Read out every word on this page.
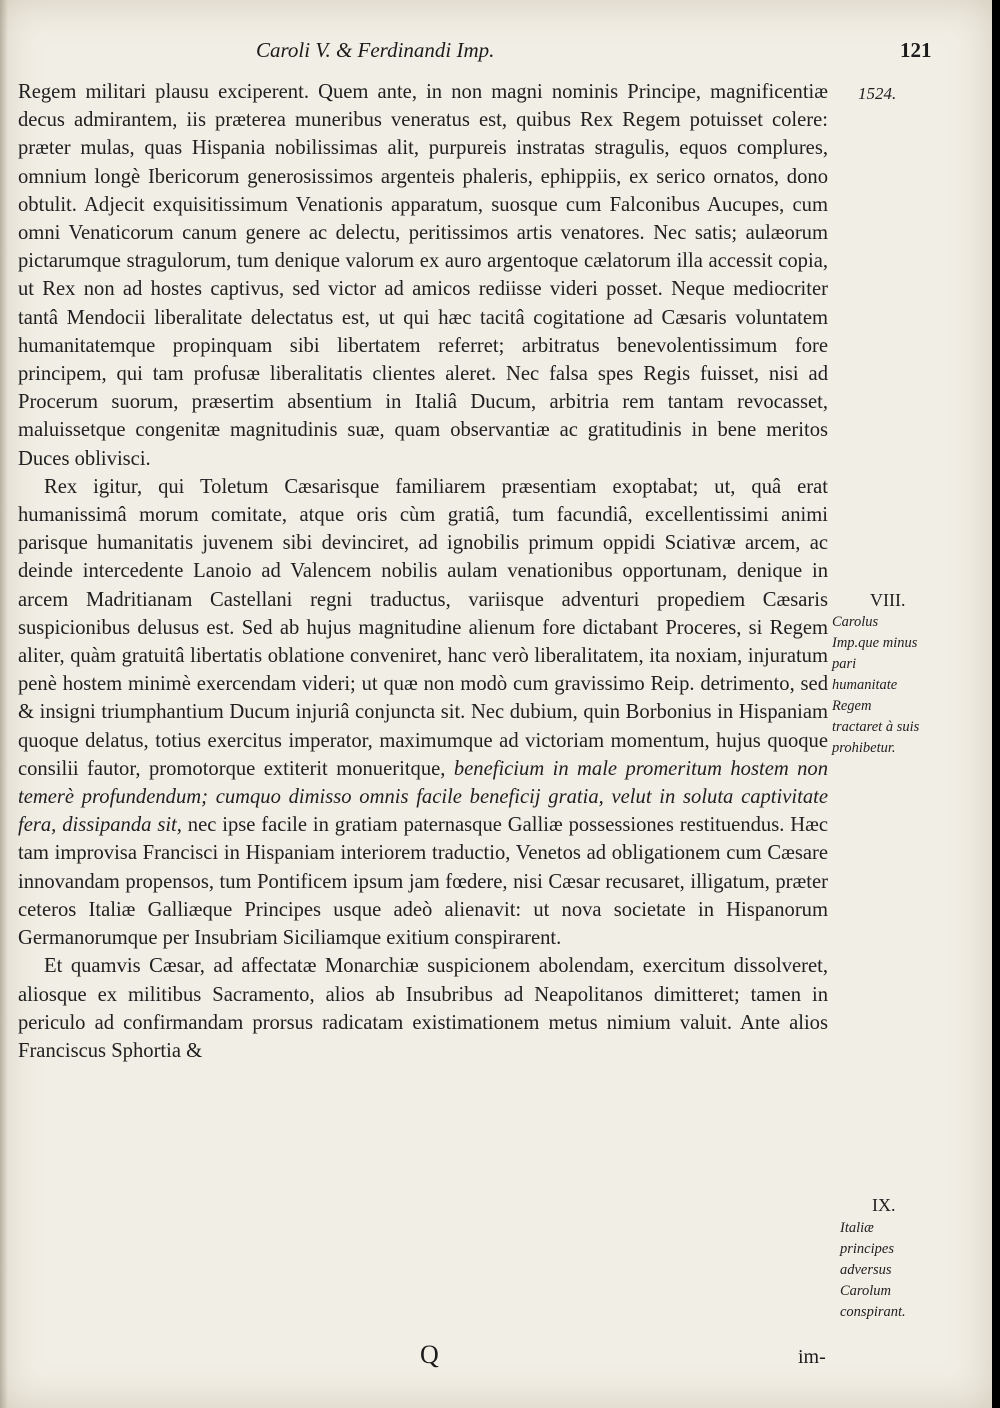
Caroli V. & Ferdinandi Imp.	121

Regem militari plausu exciperent. Quem ante, in non magni nominis Principe, magnificentiæ decus admirantem, iis præterea muneribus veneratus est, quibus Rex Regem potuisset colere: præter mulas, quas Hispania nobilissimas alit, purpureis instratas stragulis, equos complures, omnium longè Ibericorum generosissimos argenteis phaleris, ephippiis, ex serico ornatos, dono obtulit. Adjecit exquisitissimum Venationis apparatum, suosque cum Falconibus Aucupes, cum omni Venaticorum canum genere ac delectu, peritissimos artis venatores. Nec satis; aulæorum pictarumque stragulorum, tum denique valorum ex auro argentoque cælatorum illa accessit copia, ut Rex non ad hostes captivus, sed victor ad amicos rediisse videri posset. Neque mediocriter tantâ Mendocii liberalitate delectatus est, ut qui hæc tacitâ cogitatione ad Cæsaris voluntatem humanitatemque propinquam sibi libertatem referret; arbitratus benevolentissimum fore principem, qui tam profusæ liberalitatis clientes aleret. Nec falsa spes Regis fuisset, nisi ad Procerum suorum, præsertim absentium in Italiâ Ducum, arbitria rem tantam revocasset, maluissetque congenitæ magnitudinis suæ, quam observantiæ ac gratitudinis in bene meritos Duces oblivisci.

Rex igitur, qui Toletum Cæsarisque familiarem præsentiam exoptabat; ut, quâ erat humanissimâ morum comitate, atque oris cùm gratiâ, tum facundiâ, excellentissimi animi parisque humanitatis juvenem sibi devinciret, ad ignobilis primum oppidi Sciativæ arcem, ac deinde intercedente Lanoio ad Valencem nobilis aulam venationibus opportunam, denique in arcem Madritianam Castellani regni traductus, variisque adventuri propediem Cæsaris suspicionibus delusus est. Sed ab hujus magnitudine alienum fore dictabant Proceres, si Regem aliter, quàm gratuitâ libertatis oblatione conveniret, hanc verò liberalitatem, ita noxiam, injuratum penè hostem minimè exercendam videri; ut quæ non modò cum gravissimo Reip. detrimento, sed & insigni triumphantium Ducum injuriâ conjuncta sit. Nec dubium, quin Borbonius in Hispaniam quoque delatus, totius exercitus imperator, maximumque ad victoriam momentum, hujus quoque consilii fautor, promotorque extiterit monueritque, beneficium in male promeritum hostem non temerè profundendum; cumquo dimisso omnis facile beneficij gratia, velut in soluta captivitate fera, dissipanda sit, nec ipse facile in gratiam paternasque Galliæ possessiones restituendus. Hæc tam improvisa Francisci in Hispaniam interiorem traductio, Venetos ad obligationem cum Cæsare innovandam propensos, tum Pontificem ipsum jam fœdere, nisi Cæsar recusaret, illigatum, præter ceteros Italiæ Galliæque Principes usque adeò alienavit: ut nova societate in Hispanorum Germanorumque per Insubriam Siciliamque exitium conspirarent.

Et quamvis Cæsar, ad affectatæ Monarchiæ suspicionem abolendam, exercitum dissolveret, aliosque ex militibus Sacramento, alios ab Insubribus ad Neapolitanos dimitteret; tamen in periculo ad confirmandam prorsus radicatam existimationem metus nimium valuit. Ante alios Franciscus Sphortia &

1524.
VIII.
Carolus Imp.que minus pari humanitate Regem tractaret à suis prohibetur.
IX.
Italiæ principes adversus Carolum conspirant.
Q	im-
